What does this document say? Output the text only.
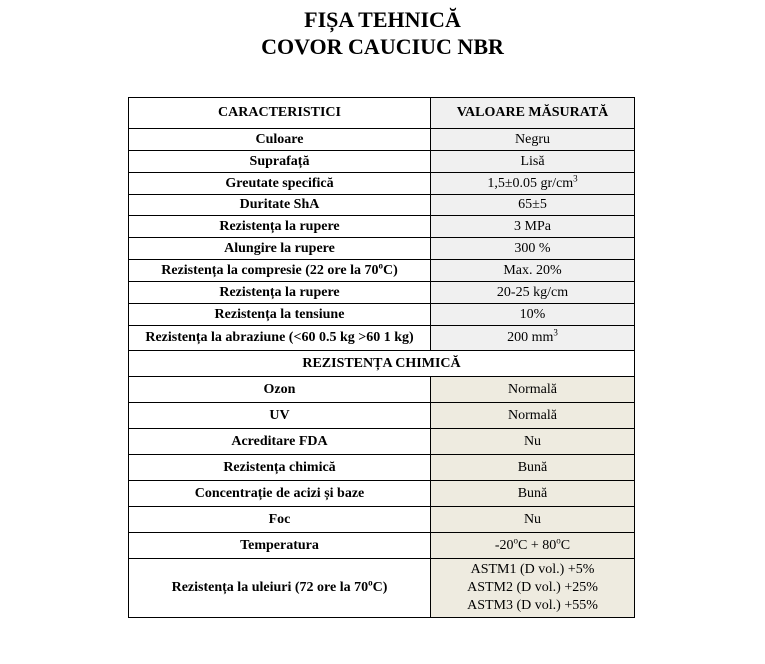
FIȘA TEHNICĂ
COVOR CAUCIUC NBR
CARACTERISTICI	VALOARE MĂSURATĂ
Culoare	Negru
Suprafață	Lisă
Greutate specifică	1,5±0.05 $gr/cm^3$
Duritate ShA	65±5
Rezistența la rupere	3 MPa
Alungire la rupere	300 %
Rezistența la compresie (22 ore la 70$^o$C)	Max. 20%
Rezistența la rupere	20-25 kg/cm
Rezistența la tensiune	10%
Rezistența la abraziune (<60 0.5 kg >60 1 kg)	200 $mm^3$
REZISTENȚA CHIMICĂ	
Ozon	Normală
UV	Normală
Acreditare FDA	Nu
Rezistența chimică	Bună
Concentrație de acizi și baze	Bună
Foc	Nu
Temperatura	$-20^oC + 80^oC$
Rezistența la uleiuri (72 ore la 70$^o$C)	ASTM1 (D vol.) +5%
ASTM2 (D vol.) +25%
ASTM3 (D vol.) +55%
